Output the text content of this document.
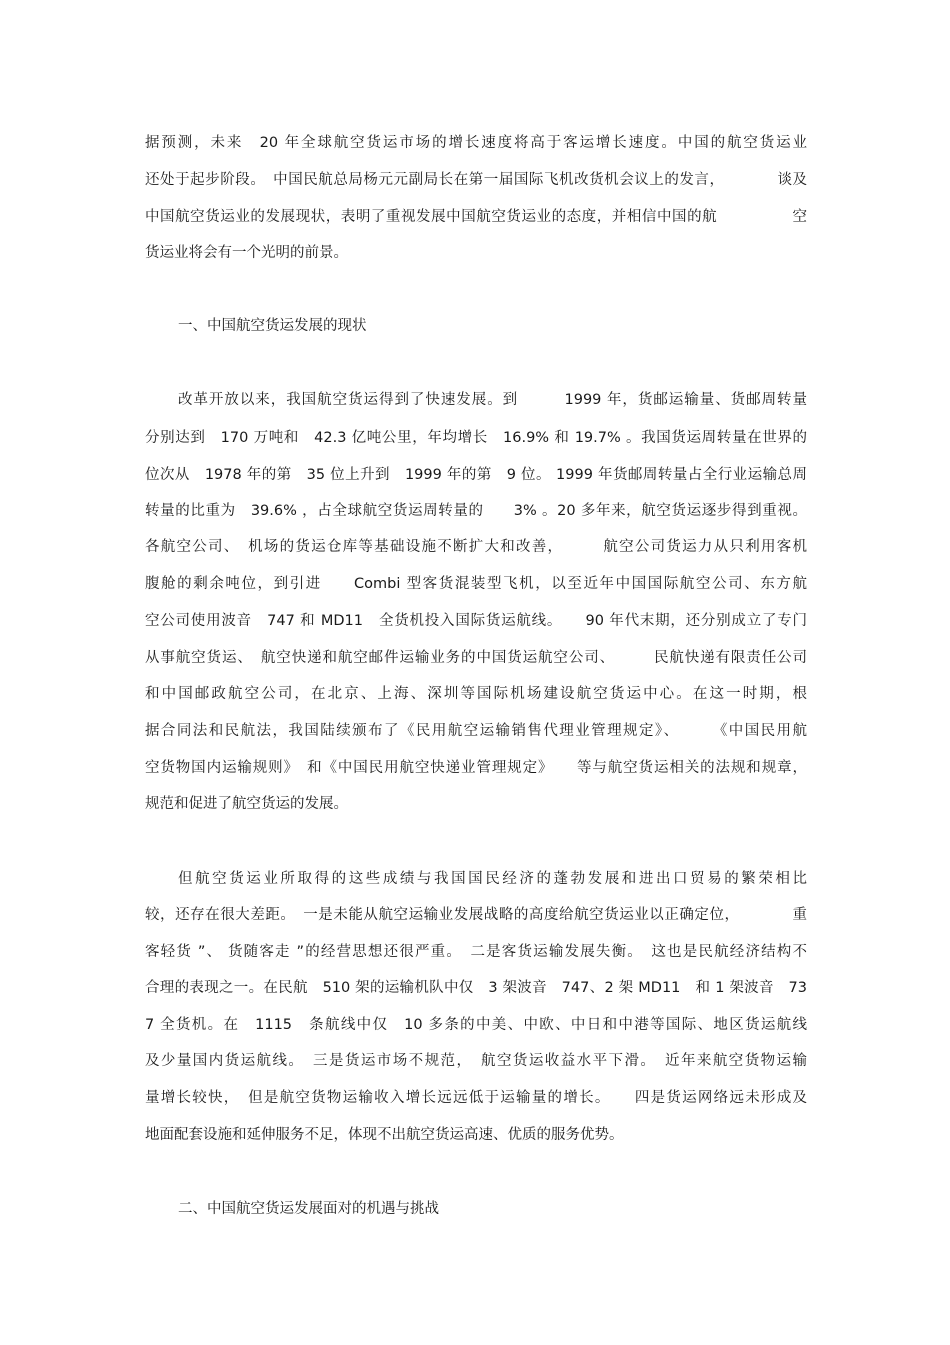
据预测，未来　20 年全球航空货运市场的增长速度将高于客运增长速度。中国的航空货运业
还处于起步阶段。　中国民航总局杨元元副局长在第一届国际飞机改货机会议上的发言，　　　　谈及
中国航空货运业的发展现状，表明了重视发展中国航空货运业的态度，并相信中国的航　　　　　空
货运业将会有一个光明的前景。
一、中国航空货运发展的现状
改革开放以来，我国航空货运得到了快速发展。到　　　1999 年，货邮运输量、货邮周转量
分别达到　170 万吨和　42.3 亿吨公里，年均增长　16.9% 和 19.7% 。我国货运周转量在世界的
位次从　1978 年的第　35 位上升到　1999 年的第　9 位。 1999 年货邮周转量占全行业运输总周
转量的比重为　39.6% ，占全球航空货运周转量的　　3% 。20 多年来，航空货运逐步得到重视。
各航空公司、　机场的货运仓库等基础设施不断扩大和改善，　　　航空公司货运力从只利用客机
腹舱的剩余吨位，到引进　　Combi 型客货混装型飞机，以至近年中国国际航空公司、东方航
空公司使用波音　747 和 MD11　全货机投入国际货运航线。　　90 年代末期，还分别成立了专门
从事航空货运、　航空快递和航空邮件运输业务的中国货运航空公司、　　　民航快递有限责任公司
和中国邮政航空公司，在北京、上海、深圳等国际机场建设航空货运中心。在这一时期，根
据合同法和民航法，我国陆续颁布了《民用航空运输销售代理业管理规定》、　　　《中国民用航
空货物国内运输规则》　和《中国民用航空快递业管理规定》　　等与航空货运相关的法规和规章，
规范和促进了航空货运的发展。
但航空货运业所取得的这些成绩与我国国民经济的蓬勃发展和进出口贸易的繁荣相比
较，还存在很大差距。　一是未能从航空运输业发展战略的高度给航空货运业以正确定位，　　　　重
客轻货 ”、 货随客走 ”的经营思想还很严重。　二是客货运输发展失衡。　这也是民航经济结构不
合理的表现之一。在民航　510 架的运输机队中仅　3 架波音　747、2 架 MD11　和 1 架波音　73
7 全货机。在　1115　条航线中仅　10 多条的中美、中欧、中日和中港等国际、地区货运航线
及少量国内货运航线。　三是货运市场不规范，　航空货运收益水平下滑。　近年来航空货物运输
量增长较快，　但是航空货物运输收入增长远远低于运输量的增长。　　四是货运网络远未形成及
地面配套设施和延伸服务不足，体现不出航空货运高速、优质的服务优势。
二、中国航空货运发展面对的机遇与挑战
